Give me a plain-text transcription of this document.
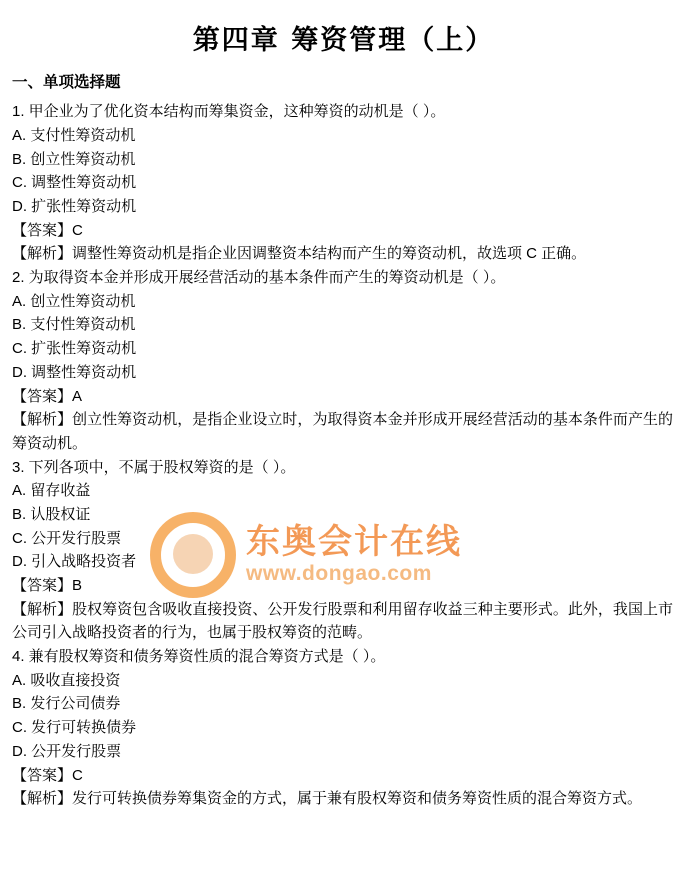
第四章 筹资管理（上）
一、单项选择题
1. 甲企业为了优化资本结构而筹集资金，这种筹资的动机是（ ）。
A. 支付性筹资动机
B. 创立性筹资动机
C. 调整性筹资动机
D. 扩张性筹资动机
【答案】C
【解析】调整性筹资动机是指企业因调整资本结构而产生的筹资动机，故选项 C 正确。
2. 为取得资本金并形成开展经营活动的基本条件而产生的筹资动机是（ ）。
A. 创立性筹资动机
B. 支付性筹资动机
C. 扩张性筹资动机
D. 调整性筹资动机
【答案】A
【解析】创立性筹资动机，是指企业设立时，为取得资本金并形成开展经营活动的基本条件而产生的筹资动机。
3. 下列各项中，不属于股权筹资的是（ ）。
A. 留存收益
B. 认股权证
C. 公开发行股票
D. 引入战略投资者
【答案】B
【解析】股权筹资包含吸收直接投资、公开发行股票和利用留存收益三种主要形式。此外，我国上市公司引入战略投资者的行为，也属于股权筹资的范畴。
4. 兼有股权筹资和债务筹资性质的混合筹资方式是（ ）。
A. 吸收直接投资
B. 发行公司债券
C. 发行可转换债券
D. 公开发行股票
【答案】C
【解析】发行可转换债券筹集资金的方式，属于兼有股权筹资和债务筹资性质的混合筹资方式。
东奥会计在线
www.dongao.com
